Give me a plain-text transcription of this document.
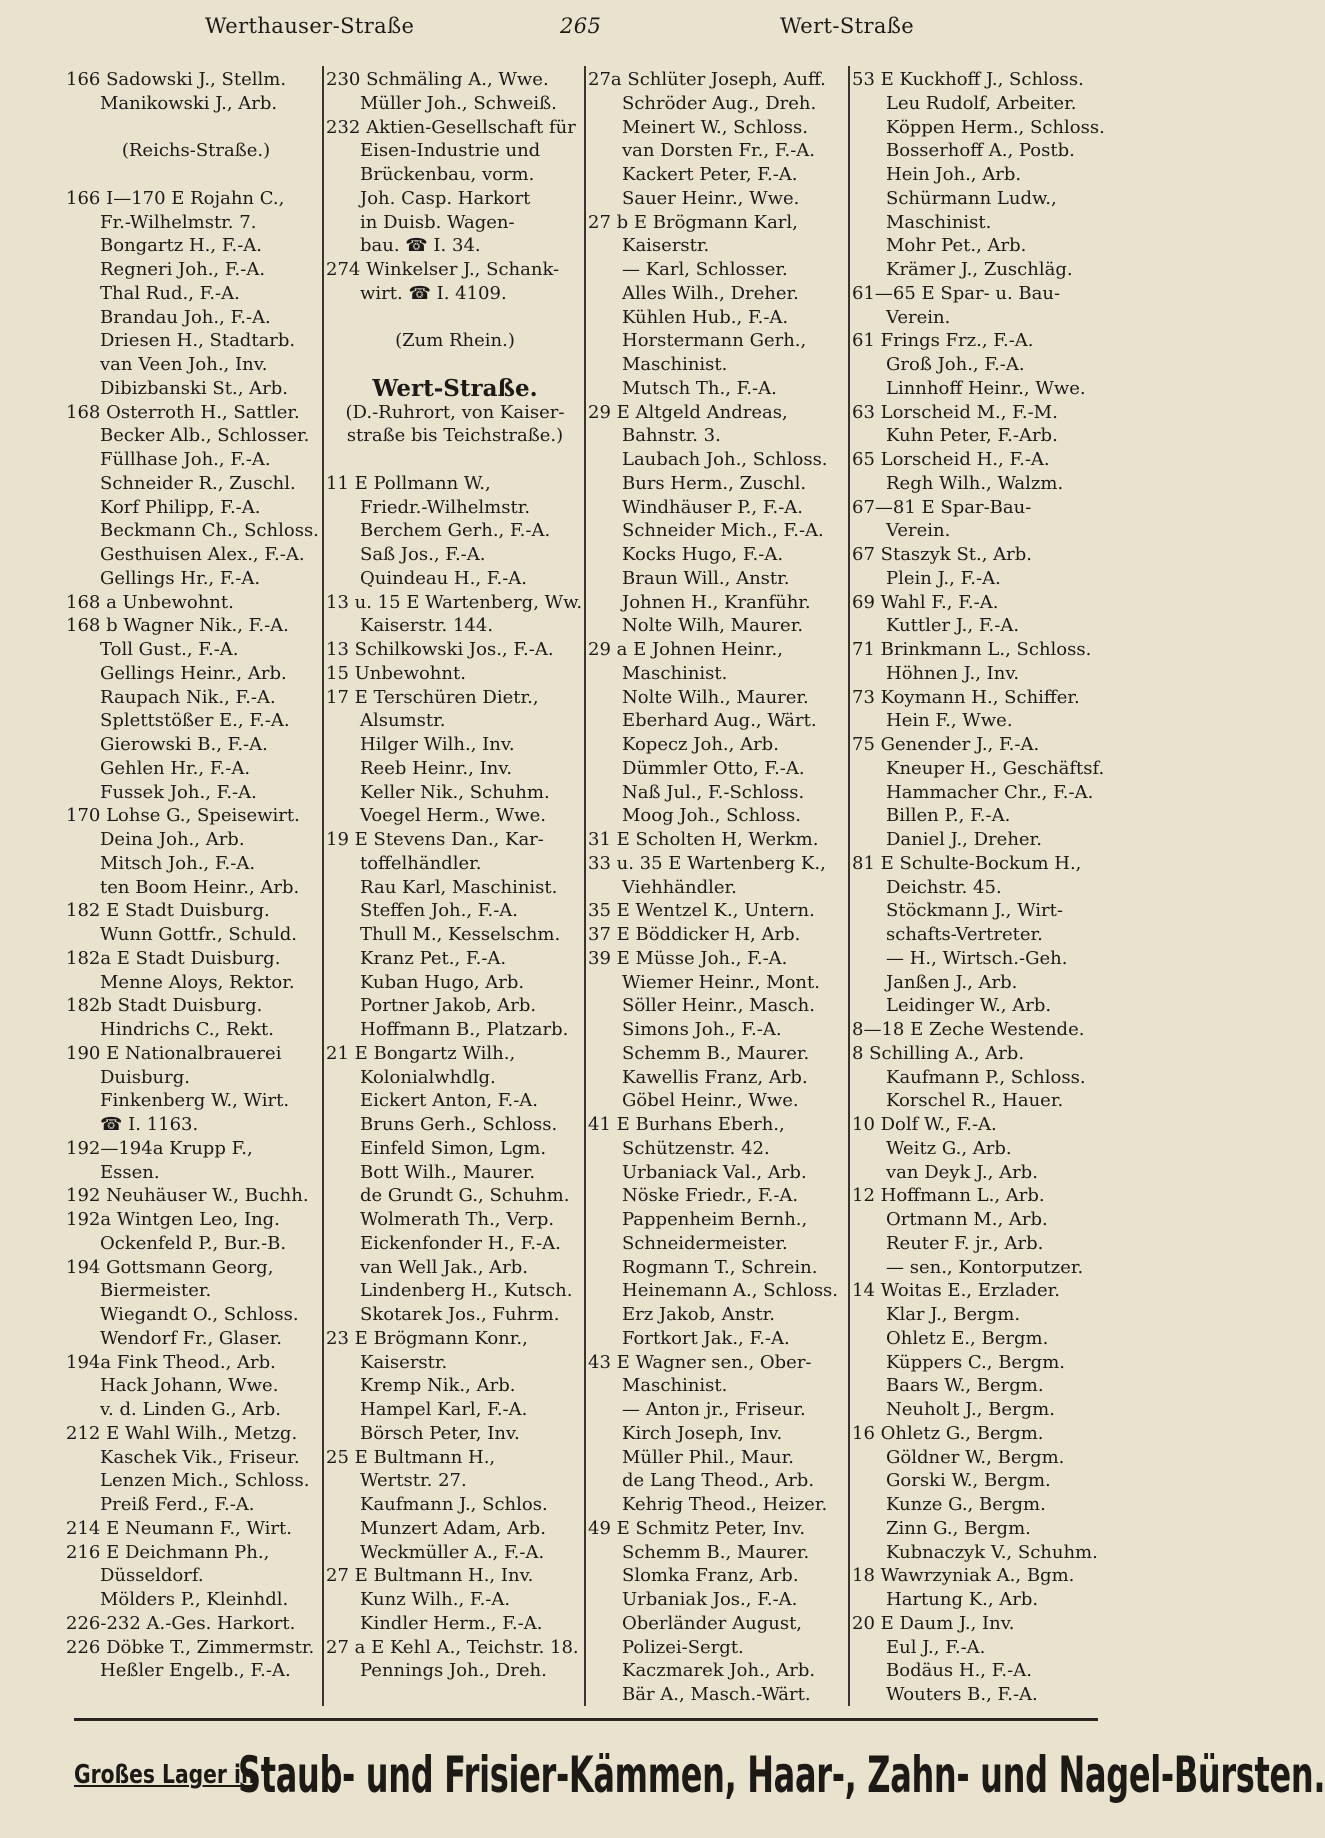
Werthauser-Straße	265	Wert-Straße
166 Sadowski J., Stellm.
Manikowski J., Arb.
(Reichs-Straße.)
166 I—170 E Rojahn C.,
Fr.-Wilhelmstr. 7.
Bongartz H., F.-A.
Regneri Joh., F.-A.
Thal Rud., F.-A.
Brandau Joh., F.-A.
Driesen H., Stadtarb.
van Veen Joh., Inv.
Dibizbanski St., Arb.
168 Osterroth H., Sattler.
Becker Alb., Schlosser.
Füllhase Joh., F.-A.
Schneider R., Zuschl.
Korf Philipp, F.-A.
Beckmann Ch., Schloss.
Gesthuisen Alex., F.-A.
Gellings Hr., F.-A.
168 a Unbewohnt.
168 b Wagner Nik., F.-A.
Toll Gust., F.-A.
Gellings Heinr., Arb.
Raupach Nik., F.-A.
Splettstößer E., F.-A.
Gierowski B., F.-A.
Gehlen Hr., F.-A.
Fussek Joh., F.-A.
170 Lohse G., Speisewirt.
Deina Joh., Arb.
Mitsch Joh., F.-A.
ten Boom Heinr., Arb.
182 E Stadt Duisburg.
Wunn Gottfr., Schuld.
182a E Stadt Duisburg.
Menne Aloys, Rektor.
182b Stadt Duisburg.
Hindrichs C., Rekt.
190 E Nationalbrauerei
Duisburg.
Finkenberg W., Wirt.
☎ I. 1163.
192—194a Krupp F.,
Essen.
192 Neuhäuser W., Buchh.
192a Wintgen Leo, Ing.
Ockenfeld P., Bur.-B.
194 Gottsmann Georg,
Biermeister.
Wiegandt O., Schloss.
Wendorf Fr., Glaser.
194a Fink Theod., Arb.
Hack Johann, Wwe.
v. d. Linden G., Arb.
212 E Wahl Wilh., Metzg.
Kaschek Vik., Friseur.
Lenzen Mich., Schloss.
Preiß Ferd., F.-A.
214 E Neumann F., Wirt.
216 E Deichmann Ph.,
Düsseldorf.
Mölders P., Kleinhdl.
226-232 A.-Ges. Harkort.
226 Döbke T., Zimmermstr.
Heßler Engelb., F.-A.
230 Schmäling A., Wwe.
Müller Joh., Schweiß.
232 Aktien-Gesellschaft für
Eisen-Industrie und
Brückenbau, vorm.
Joh. Casp. Harkort
in Duisb. Wagen-
bau. ☎ I. 34.
274 Winkelser J., Schank-
wirt. ☎ I. 4109.
(Zum Rhein.)
Wert-Straße.
(D.-Ruhrort, von Kaiser-
straße bis Teichstraße.)
11 E Pollmann W.,
Friedr.-Wilhelmstr.
Berchem Gerh., F.-A.
Saß Jos., F.-A.
Quindeau H., F.-A.
13 u. 15 E Wartenberg, Ww.
Kaiserstr. 144.
13 Schilkowski Jos., F.-A.
15 Unbewohnt.
17 E Terschüren Dietr.,
Alsumstr.
Hilger Wilh., Inv.
Reeb Heinr., Inv.
Keller Nik., Schuhm.
Voegel Herm., Wwe.
19 E Stevens Dan., Kar-
toffelhändler.
Rau Karl, Maschinist.
Steffen Joh., F.-A.
Thull M., Kesselschm.
Kranz Pet., F.-A.
Kuban Hugo, Arb.
Portner Jakob, Arb.
Hoffmann B., Platzarb.
21 E Bongartz Wilh.,
Kolonialwhdlg.
Eickert Anton, F.-A.
Bruns Gerh., Schloss.
Einfeld Simon, Lgm.
Bott Wilh., Maurer.
de Grundt G., Schuhm.
Wolmerath Th., Verp.
Eickenfonder H., F.-A.
van Well Jak., Arb.
Lindenberg H., Kutsch.
Skotarek Jos., Fuhrm.
23 E Brögmann Konr.,
Kaiserstr.
Kremp Nik., Arb.
Hampel Karl, F.-A.
Börsch Peter, Inv.
25 E Bultmann H.,
Wertstr. 27.
Kaufmann J., Schlos.
Munzert Adam, Arb.
Weckmüller A., F.-A.
27 E Bultmann H., Inv.
Kunz Wilh., F.-A.
Kindler Herm., F.-A.
27 a E Kehl A., Teichstr. 18.
Pennings Joh., Dreh.
27a Schlüter Joseph, Auff.
Schröder Aug., Dreh.
Meinert W., Schloss.
van Dorsten Fr., F.-A.
Kackert Peter, F.-A.
Sauer Heinr., Wwe.
27 b E Brögmann Karl,
Kaiserstr.
— Karl, Schlosser.
Alles Wilh., Dreher.
Kühlen Hub., F.-A.
Horstermann Gerh.,
Maschinist.
Mutsch Th., F.-A.
29 E Altgeld Andreas,
Bahnstr. 3.
Laubach Joh., Schloss.
Burs Herm., Zuschl.
Windhäuser P., F.-A.
Schneider Mich., F.-A.
Kocks Hugo, F.-A.
Braun Will., Anstr.
Johnen H., Kranführ.
Nolte Wilh, Maurer.
29 a E Johnen Heinr.,
Maschinist.
Nolte Wilh., Maurer.
Eberhard Aug., Wärt.
Kopecz Joh., Arb.
Dümmler Otto, F.-A.
Naß Jul., F.-Schloss.
Moog Joh., Schloss.
31 E Scholten H, Werkm.
33 u. 35 E Wartenberg K.,
Viehhändler.
35 E Wentzel K., Untern.
37 E Böddicker H, Arb.
39 E Müsse Joh., F.-A.
Wiemer Heinr., Mont.
Söller Heinr., Masch.
Simons Joh., F.-A.
Schemm B., Maurer.
Kawellis Franz, Arb.
Göbel Heinr., Wwe.
41 E Burhans Eberh.,
Schützenstr. 42.
Urbaniack Val., Arb.
Nöske Friedr., F.-A.
Pappenheim Bernh.,
Schneidermeister.
Rogmann T., Schrein.
Heinemann A., Schloss.
Erz Jakob, Anstr.
Fortkort Jak., F.-A.
43 E Wagner sen., Ober-
Maschinist.
— Anton jr., Friseur.
Kirch Joseph, Inv.
Müller Phil., Maur.
de Lang Theod., Arb.
Kehrig Theod., Heizer.
49 E Schmitz Peter, Inv.
Schemm B., Maurer.
Slomka Franz, Arb.
Urbaniak Jos., F.-A.
Oberländer August,
Polizei-Sergt.
Kaczmarek Joh., Arb.
Bär A., Masch.-Wärt.
53 E Kuckhoff J., Schloss.
Leu Rudolf, Arbeiter.
Köppen Herm., Schloss.
Bosserhoff A., Postb.
Hein Joh., Arb.
Schürmann Ludw.,
Maschinist.
Mohr Pet., Arb.
Krämer J., Zuschläg.
61—65 E Spar- u. Bau-
Verein.
61 Frings Frz., F.-A.
Groß Joh., F.-A.
Linnhoff Heinr., Wwe.
63 Lorscheid M., F.-M.
Kuhn Peter, F.-Arb.
65 Lorscheid H., F.-A.
Regh Wilh., Walzm.
67—81 E Spar-Bau-
Verein.
67 Staszyk St., Arb.
Plein J., F.-A.
69 Wahl F., F.-A.
Kuttler J., F.-A.
71 Brinkmann L., Schloss.
Höhnen J., Inv.
73 Koymann H., Schiffer.
Hein F., Wwe.
75 Genender J., F.-A.
Kneuper H., Geschäftsf.
Hammacher Chr., F.-A.
Billen P., F.-A.
Daniel J., Dreher.
81 E Schulte-Bockum H.,
Deichstr. 45.
Stöckmann J., Wirt-
schafts-Vertreter.
— H., Wirtsch.-Geh.
Janßen J., Arb.
Leidinger W., Arb.
8—18 E Zeche Westende.
8 Schilling A., Arb.
Kaufmann P., Schloss.
Korschel R., Hauer.
10 Dolf W., F.-A.
Weitz G., Arb.
van Deyk J., Arb.
12 Hoffmann L., Arb.
Ortmann M., Arb.
Reuter F. jr., Arb.
— sen., Kontorputzer.
14 Woitas E., Erzlader.
Klar J., Bergm.
Ohletz E., Bergm.
Küppers C., Bergm.
Baars W., Bergm.
Neuholt J., Bergm.
16 Ohletz G., Bergm.
Göldner W., Bergm.
Gorski W., Bergm.
Kunze G., Bergm.
Zinn G., Bergm.
Kubnaczyk V., Schuhm.
18 Wawrzyniak A., Bgm.
Hartung K., Arb.
20 E Daum J., Inv.
Eul J., F.-A.
Bodäus H., F.-A.
Wouters B., F.-A.
Großes Lager in
Staub- und Frisier-Kämmen, Haar-, Zahn- und Nagel-Bürsten.
